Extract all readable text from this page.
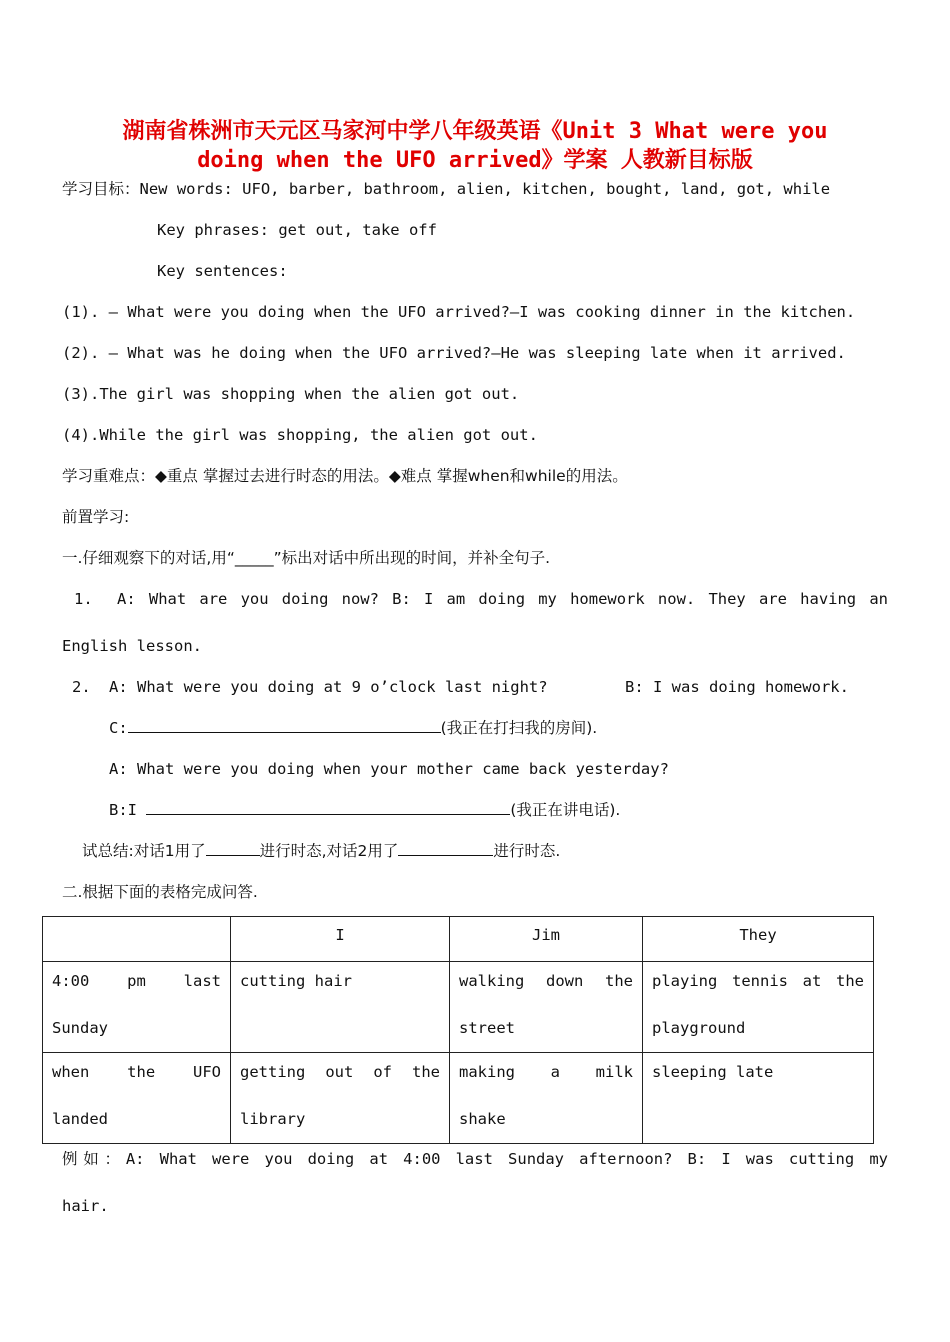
湖南省株洲市天元区马家河中学八年级英语《Unit 3 What were you
doing when the UFO arrived》学案 人教新目标版
学习目标：New words: UFO, barber, bathroom, alien, kitchen, bought, land, got, while
Key phrases: get out, take off
Key sentences:
(1). — What were you doing when the UFO arrived?—I was cooking dinner in the kitchen.
(2). — What was he doing when the UFO arrived?—He was sleeping late when it arrived.
(3).The girl was shopping when the alien got out.
(4).While the girl was shopping, the alien got out.
学习重难点：◆重点 掌握过去进行时态的用法。◆难点 掌握when和while的用法。
前置学习:
一.仔细观察下的对话,用“_____”标出对话中所出现的时间，并补全句子.
1. A: What are you doing now? B: I am doing my homework now. They are having an
English lesson.
2. A: What were you doing at 9 o’clock last night?	B: I was doing homework.
C:	(我正在打扫我的房间).
A: What were you doing when your mother came back yesterday?
B:I	(我正在讲电话).
试总结:对话1用了	进行时态,对话2用了	进行时态.
二.根据下面的表格完成问答.
	I	Jim	They

4:00 pm last Sunday	cutting hair	walking down the street	playing tennis at the playground

when the UFO landed	getting out of the library	making a milk shake	sleeping late
例如：A: What were you doing at 4:00 last Sunday afternoon? B: I was cutting my
hair.
